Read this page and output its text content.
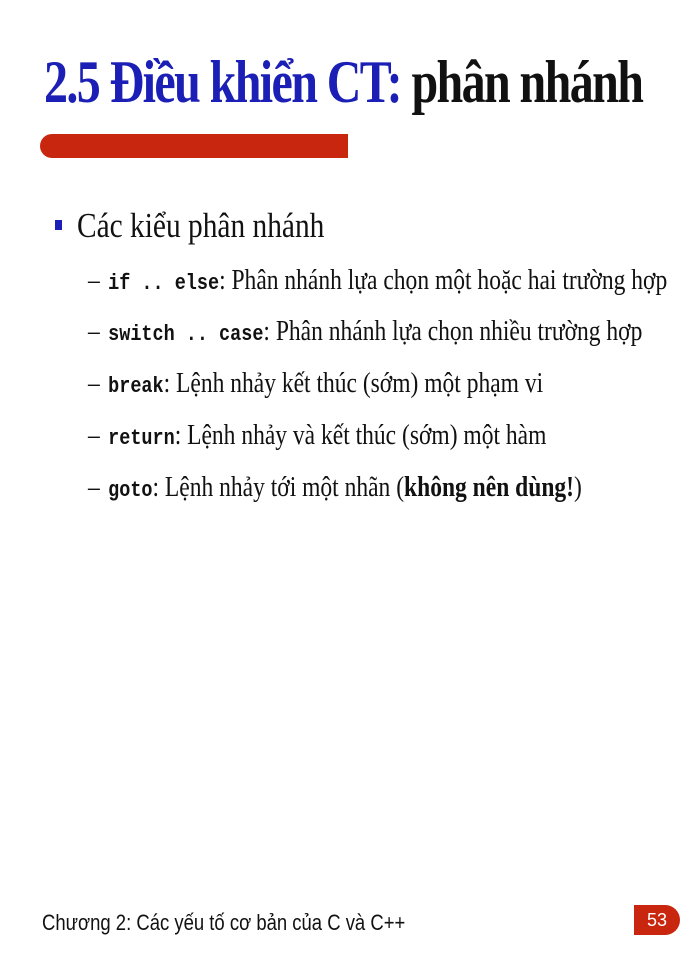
2.5 Điều khiển CT: phân nhánh
Các kiểu phân nhánh
– if .. else: Phân nhánh lựa chọn một hoặc hai trường hợp
– switch .. case: Phân nhánh lựa chọn nhiều trường hợp
– break: Lệnh nhảy kết thúc (sớm) một phạm vi
– return: Lệnh nhảy và kết thúc (sớm) một hàm
– goto: Lệnh nhảy tới một nhãn (không nên dùng!)
Chương 2: Các yếu tố cơ bản của C và C++	53
